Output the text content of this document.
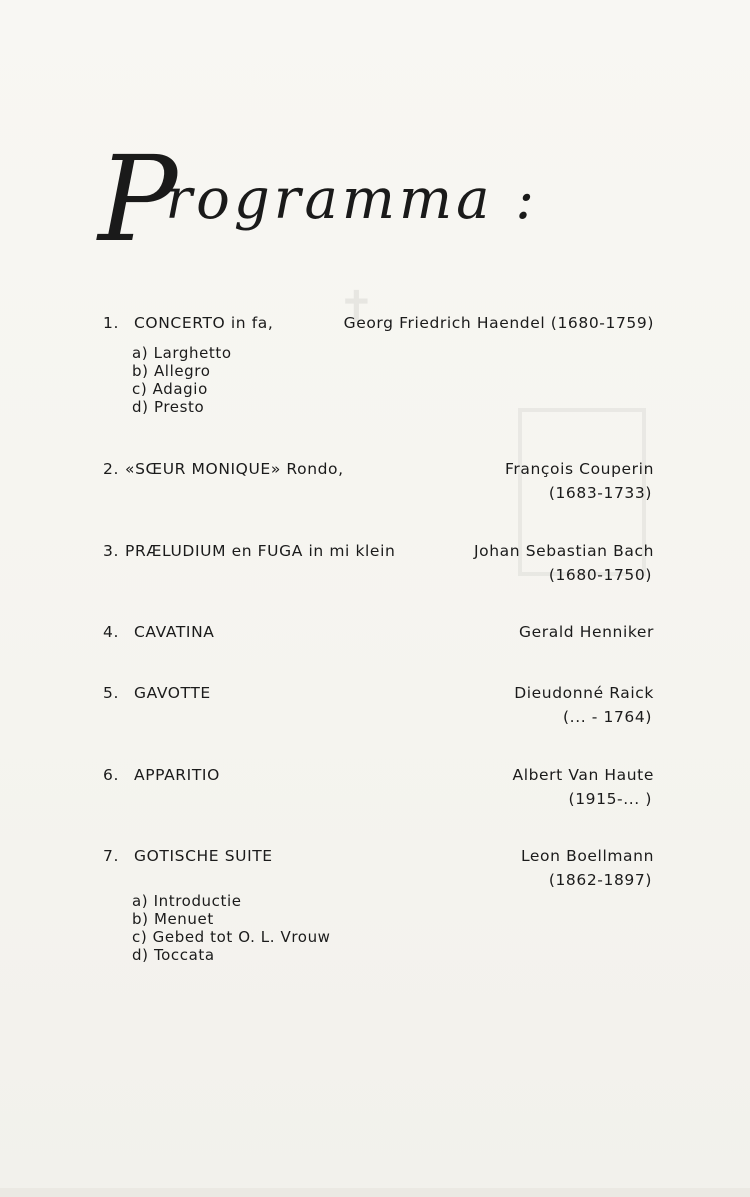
✝
Programma :
1. CONCERTO in fa,	Georg Friedrich Haendel (1680-1759)
a) Larghetto
b) Allegro
c) Adagio
d) Presto
2. «SŒUR MONIQUE» Rondo,	François Couperin
(1683-1733)
3. PRÆLUDIUM en FUGA in mi klein	Johan Sebastian Bach
(1680-1750)
4. CAVATINA	Gerald Henniker
5. GAVOTTE	Dieudonné Raick
(... - 1764)
6. APPARITIO	Albert Van Haute
(1915-... )
7. GOTISCHE SUITE	Leon Boellmann
(1862-1897)
a) Introductie
b) Menuet
c) Gebed tot O. L. Vrouw
d) Toccata
